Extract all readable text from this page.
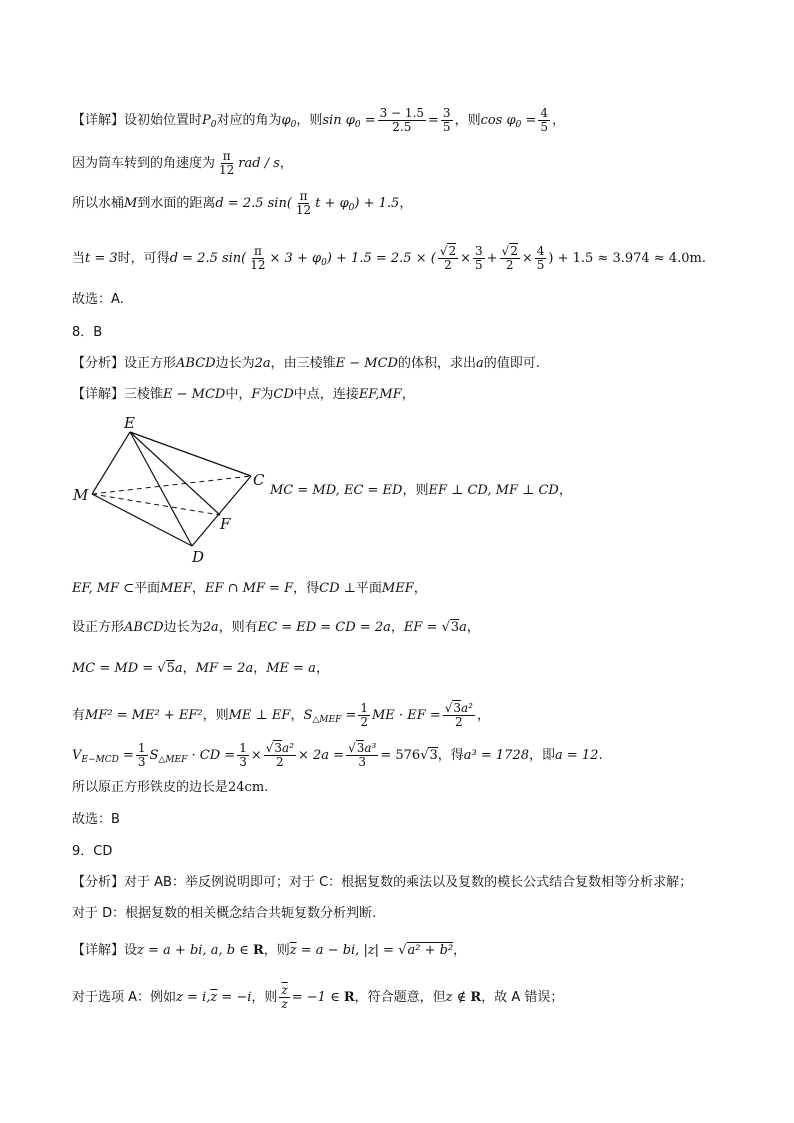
【详解】设初始位置时$P_0$对应的角为$\varphi_0$，则$\sin \varphi_0 = \frac{3 - 1.5}{2.5} = \frac{3}{5}$ ，则$\cos \varphi_0 = \frac{4}{5}$ ，
因为筒车转到的角速度为 $\frac{\pi}{12}$ rad / s，
所以水桶M到水面的距离d = 2.5 $\sin( \frac{\pi}{12}$ $t + \varphi_0) + 1.5$，
当t = 3时，可得d = 2.5 $\sin( \frac{\pi}{12} \times 3 + \varphi_0) + 1.5 = 2.5$ × ( $\frac{√2}{2} \times \frac{3}{5} + \frac{√2}{2} \times \frac{4}{5}$ ) + 1.5 ≈ 3.974 ≈ 4.0m.
故选：A.
8．B
【分析】设正方形ABCD边长为2a，由三棱锥E − MCD的体积，求出a的值即可.
【详解】三棱锥E − MCD中，F为CD中点，连接EF,MF，
E
C
M
F
D
MC = MD, EC = ED，则EF ⊥ CD, MF ⊥ CD，
EF, MF ⊂平面MEF，EF ∩ MF = F，得CD ⊥平面MEF，
设正方形ABCD边长为2a，则有EC = ED = CD = 2a，EF = √3a，
MC = MD = √5a，MF = 2a，ME = a，
有MF² = ME² + EF²，则ME ⊥ EF，$S_{\triangle MEF} = \frac{1}{2}$ ME · EF = $\frac{\text{√3a²}}{2}$ ，
$V_{E-MCD} = \frac{1}{3} S_{\triangle MEF}$ · CD = $\frac{1}{3} \times \frac{\text{√3a²}}{2} \times 2a = \frac{\text{√3a³}}{3} = 576√3$，得a³ = 1728，即a = 12.
所以原正方形铁皮的边长是24cm.
故选：B
9．CD
【分析】对于 AB：举反例说明即可；对于 C：根据复数的乘法以及复数的模长公式结合复数相等分析求解；
对于 D：根据复数的相关概念结合共轭复数分析判断.
【详解】设z = a + bi, a, b ∈ R，则$\overline{z} = a$ − bi, |z| = √a² + b²，
对于选项 A：例如$z = i,\overline{z} = -i$，则 $\frac{\overline{z}}{z} = -1$ ∈ R，符合题意，但z ∉ R，故 A 错误；
